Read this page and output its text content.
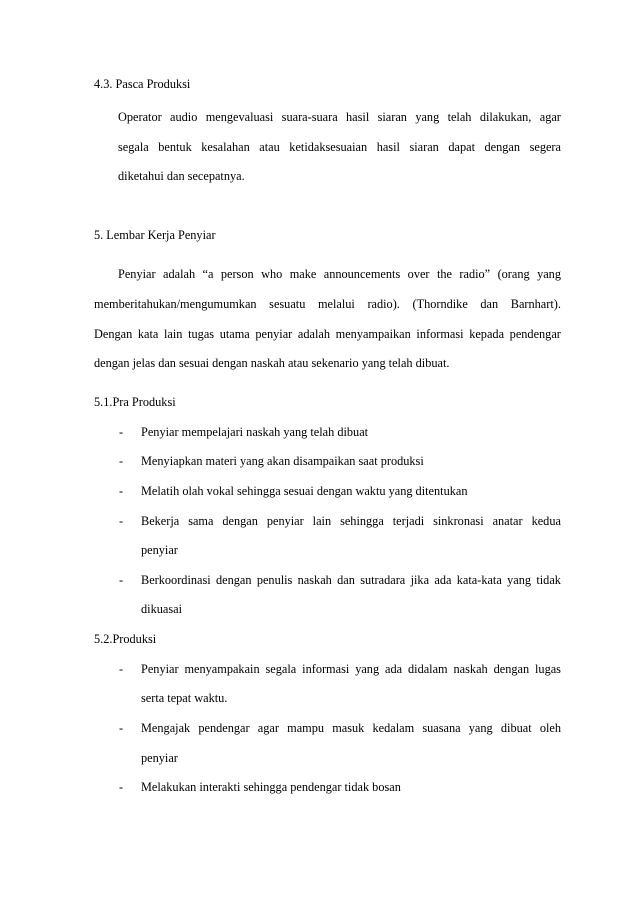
4.3. Pasca Produksi
Operator audio mengevaluasi suara-suara hasil siaran yang telah dilakukan, agar
segala bentuk kesalahan atau ketidaksesuaian hasil siaran dapat dengan segera
diketahui dan secepatnya.
5. Lembar Kerja Penyiar
Penyiar adalah “a person who make announcements over the radio” (orang yang
memberitahukan/mengumumkan sesuatu melalui radio). (Thorndike dan Barnhart).
Dengan kata lain tugas utama penyiar adalah menyampaikan informasi kepada pendengar
dengan jelas dan sesuai dengan naskah atau sekenario yang telah dibuat.
5.1.Pra Produksi
- Penyiar mempelajari naskah yang telah dibuat
- Menyiapkan materi yang akan disampaikan saat produksi
- Melatih olah vokal sehingga sesuai dengan waktu yang ditentukan
- Bekerja sama dengan penyiar lain sehingga terjadi sinkronasi anatar kedua
penyiar
- Berkoordinasi dengan penulis naskah dan sutradara jika ada kata-kata yang tidak
dikuasai
5.2.Produksi
- Penyiar menyampakain segala informasi yang ada didalam naskah dengan lugas
serta tepat waktu.
- Mengajak pendengar agar mampu masuk kedalam suasana yang dibuat oleh
penyiar
- Melakukan interakti sehingga pendengar tidak bosan
